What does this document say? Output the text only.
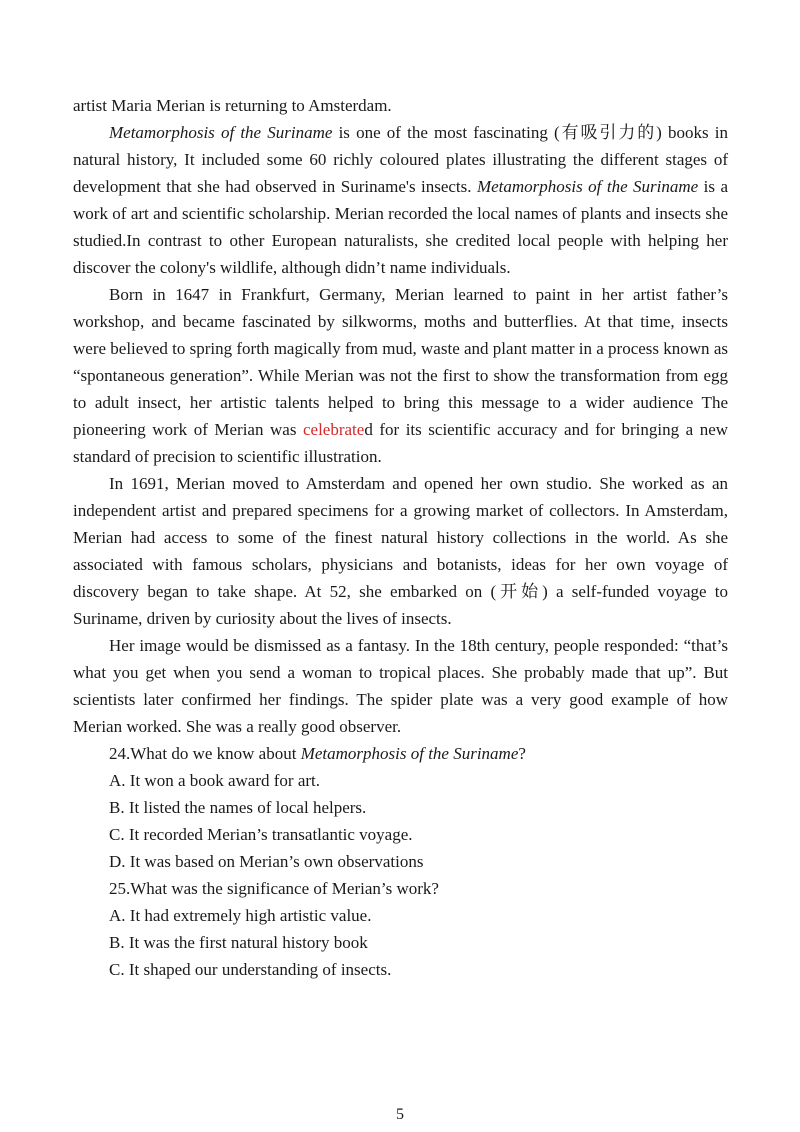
artist Maria Merian is returning to Amsterdam.

Metamorphosis of the Suriname is one of the most fascinating (有吸引力的) books in natural history, It included some 60 richly coloured plates illustrating the different stages of development that she had observed in Suriname's insects. Metamorphosis of the Suriname is a work of art and scientific scholarship. Merian recorded the local names of plants and insects she studied.In contrast to other European naturalists, she credited local people with helping her discover the colony's wildlife, although didn’t name individuals.

Born in 1647 in Frankfurt, Germany, Merian learned to paint in her artist father’s workshop, and became fascinated by silkworms, moths and butterflies. At that time, insects were believed to spring forth magically from mud, waste and plant matter in a process known as “spontaneous generation”. While Merian was not the first to show the transformation from egg to adult insect, her artistic talents helped to bring this message to a wider audience The pioneering work of Merian was celebrated for its scientific accuracy and for bringing a new standard of precision to scientific illustration.

In 1691, Merian moved to Amsterdam and opened her own studio. She worked as an independent artist and prepared specimens for a growing market of collectors. In Amsterdam, Merian had access to some of the finest natural history collections in the world. As she associated with famous scholars, physicians and botanists, ideas for her own voyage of discovery began to take shape. At 52, she embarked on (开始) a self-funded voyage to Suriname, driven by curiosity about the lives of insects.

Her image would be dismissed as a fantasy. In the 18th century, people responded: “that’s what you get when you send a woman to tropical places. She probably made that up”. But scientists later confirmed her findings. The spider plate was a very good example of how Merian worked. She was a really good observer.

24.What do we know about Metamorphosis of the Suriname?

A. It won a book award for art.

B. It listed the names of local helpers.

C. It recorded Merian’s transatlantic voyage.

D. It was based on Merian’s own observations

25.What was the significance of Merian’s work?

A. It had extremely high artistic value.

B. It was the first natural history book

C. It shaped our understanding of insects.

5
